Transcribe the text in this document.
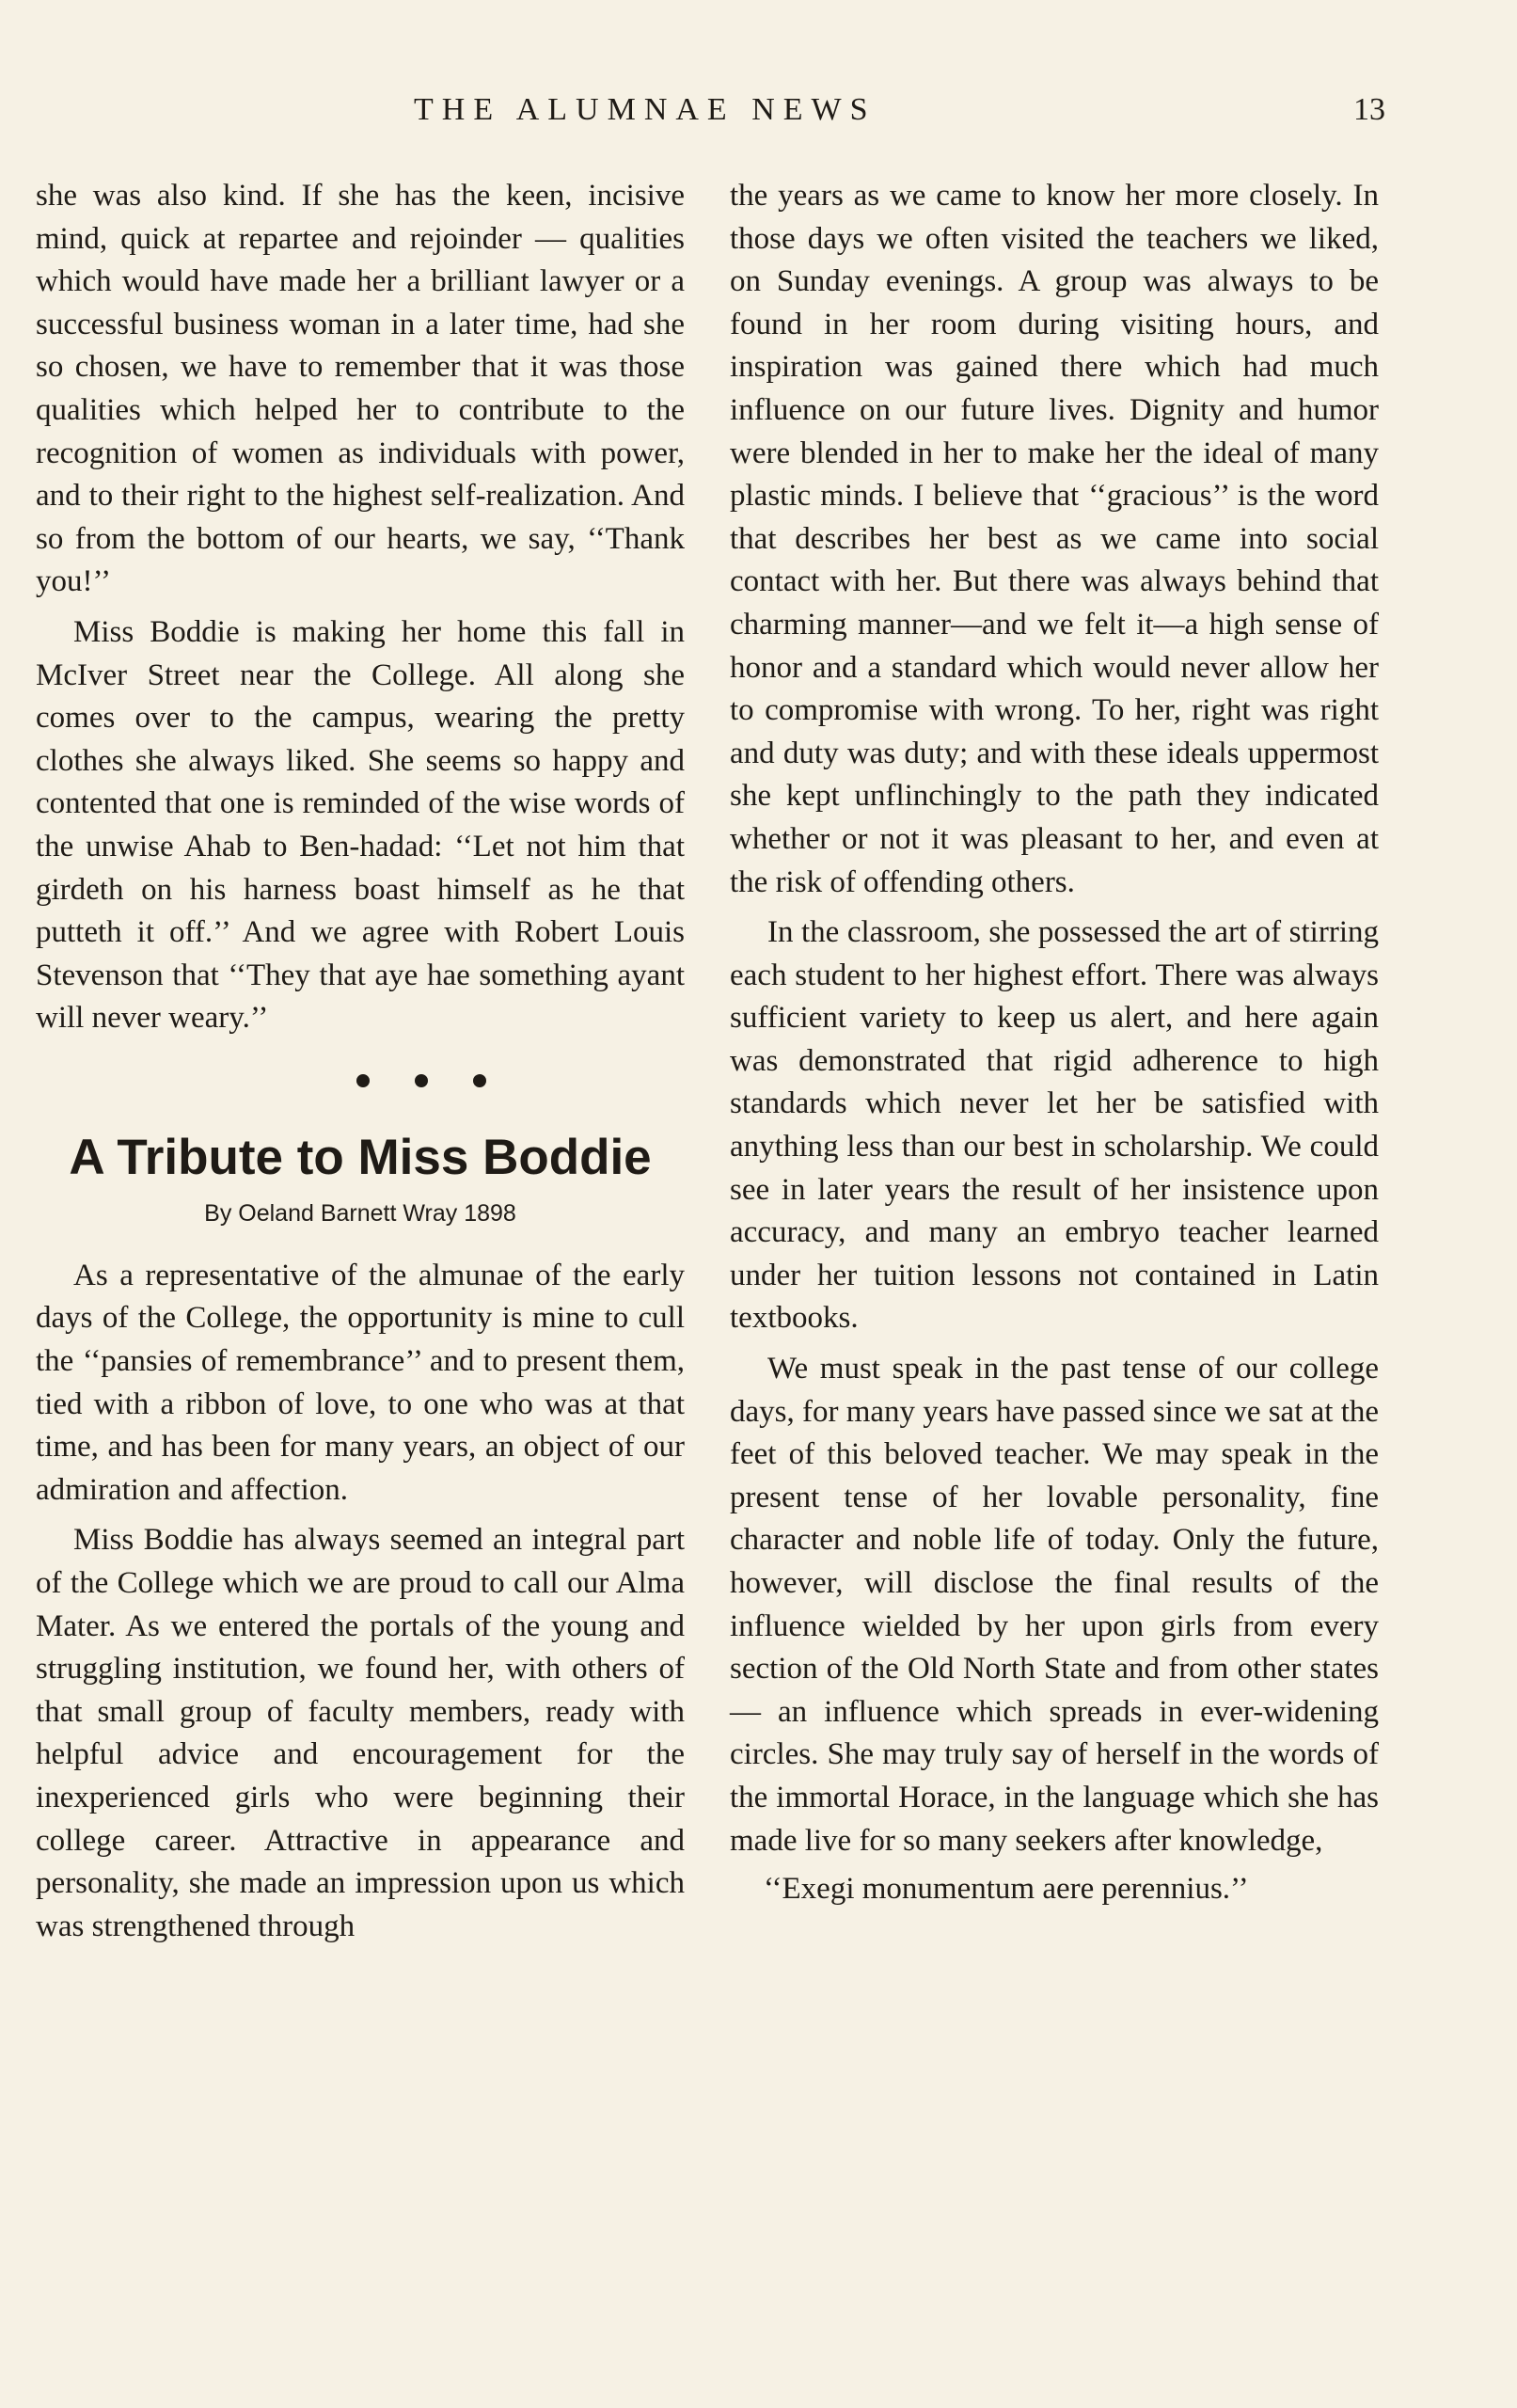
THE ALUMNAE NEWS	13

she was also kind. If she has the keen, incisive mind, quick at repartee and rejoinder — qualities which would have made her a brilliant lawyer or a successful business woman in a later time, had she so chosen, we have to remember that it was those qualities which helped her to contribute to the recognition of women as individuals with power, and to their right to the highest self-realization. And so from the bottom of our hearts, we say, ‘‘Thank you!’’

Miss Boddie is making her home this fall in McIver Street near the College. All along she comes over to the campus, wearing the pretty clothes she always liked. She seems so happy and contented that one is reminded of the wise words of the unwise Ahab to Ben-hadad: ‘‘Let not him that girdeth on his harness boast himself as he that putteth it off.’’ And we agree with Robert Louis Stevenson that ‘‘They that aye hae something ayant will never weary.’’

A Tribute to Miss Boddie
By Oeland Barnett Wray 1898

As a representative of the almunae of the early days of the College, the opportunity is mine to cull the ‘‘pansies of remembrance’’ and to present them, tied with a ribbon of love, to one who was at that time, and has been for many years, an object of our admiration and affection.

Miss Boddie has always seemed an integral part of the College which we are proud to call our Alma Mater. As we entered the portals of the young and struggling institution, we found her, with others of that small group of faculty members, ready with helpful advice and encouragement for the inexperienced girls who were beginning their college career. Attractive in appearance and personality, she made an impression upon us which was strengthened through

the years as we came to know her more closely. In those days we often visited the teachers we liked, on Sunday evenings. A group was always to be found in her room during visiting hours, and inspiration was gained there which had much influence on our future lives. Dignity and humor were blended in her to make her the ideal of many plastic minds. I believe that ‘‘gracious’’ is the word that describes her best as we came into social contact with her. But there was always behind that charming manner—and we felt it—a high sense of honor and a standard which would never allow her to compromise with wrong. To her, right was right and duty was duty; and with these ideals uppermost she kept unflinchingly to the path they indicated whether or not it was pleasant to her, and even at the risk of offending others.

In the classroom, she possessed the art of stirring each student to her highest effort. There was always sufficient variety to keep us alert, and here again was demonstrated that rigid adherence to high standards which never let her be satisfied with anything less than our best in scholarship. We could see in later years the result of her insistence upon accuracy, and many an embryo teacher learned under her tuition lessons not contained in Latin textbooks.

We must speak in the past tense of our college days, for many years have passed since we sat at the feet of this beloved teacher. We may speak in the present tense of her lovable personality, fine character and noble life of today. Only the future, however, will disclose the final results of the influence wielded by her upon girls from every section of the Old North State and from other states — an influence which spreads in ever-widening circles. She may truly say of herself in the words of the immortal Horace, in the language which she has made live for so many seekers after knowledge,

‘‘Exegi monumentum aere perennius.’’
